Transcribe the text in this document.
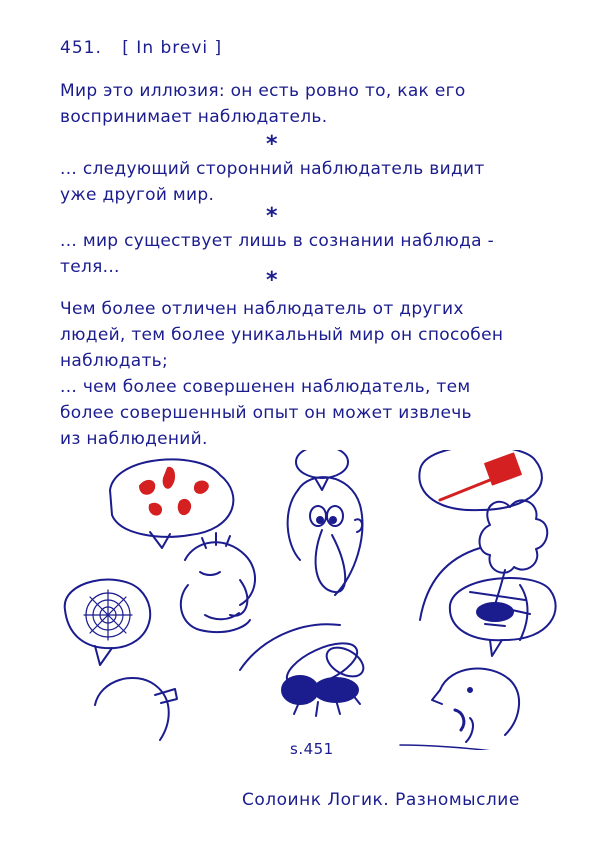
451. [ In brevi ]
Мир это иллюзия: он есть ровно то, как его
воспринимает наблюдатель.
*
... следующий сторонний наблюдатель видит
уже другой мир.
*
... мир существует лишь в сознании наблюда -
теля...
*
Чем более отличен наблюдатель от других
людей, тем более уникальный мир он способен
наблюдать;
... чем более совершенен наблюдатель, тем
более совершенный опыт он может извлечь
из наблюдений.
s.451
Солоинк Логик. Разномыслие
